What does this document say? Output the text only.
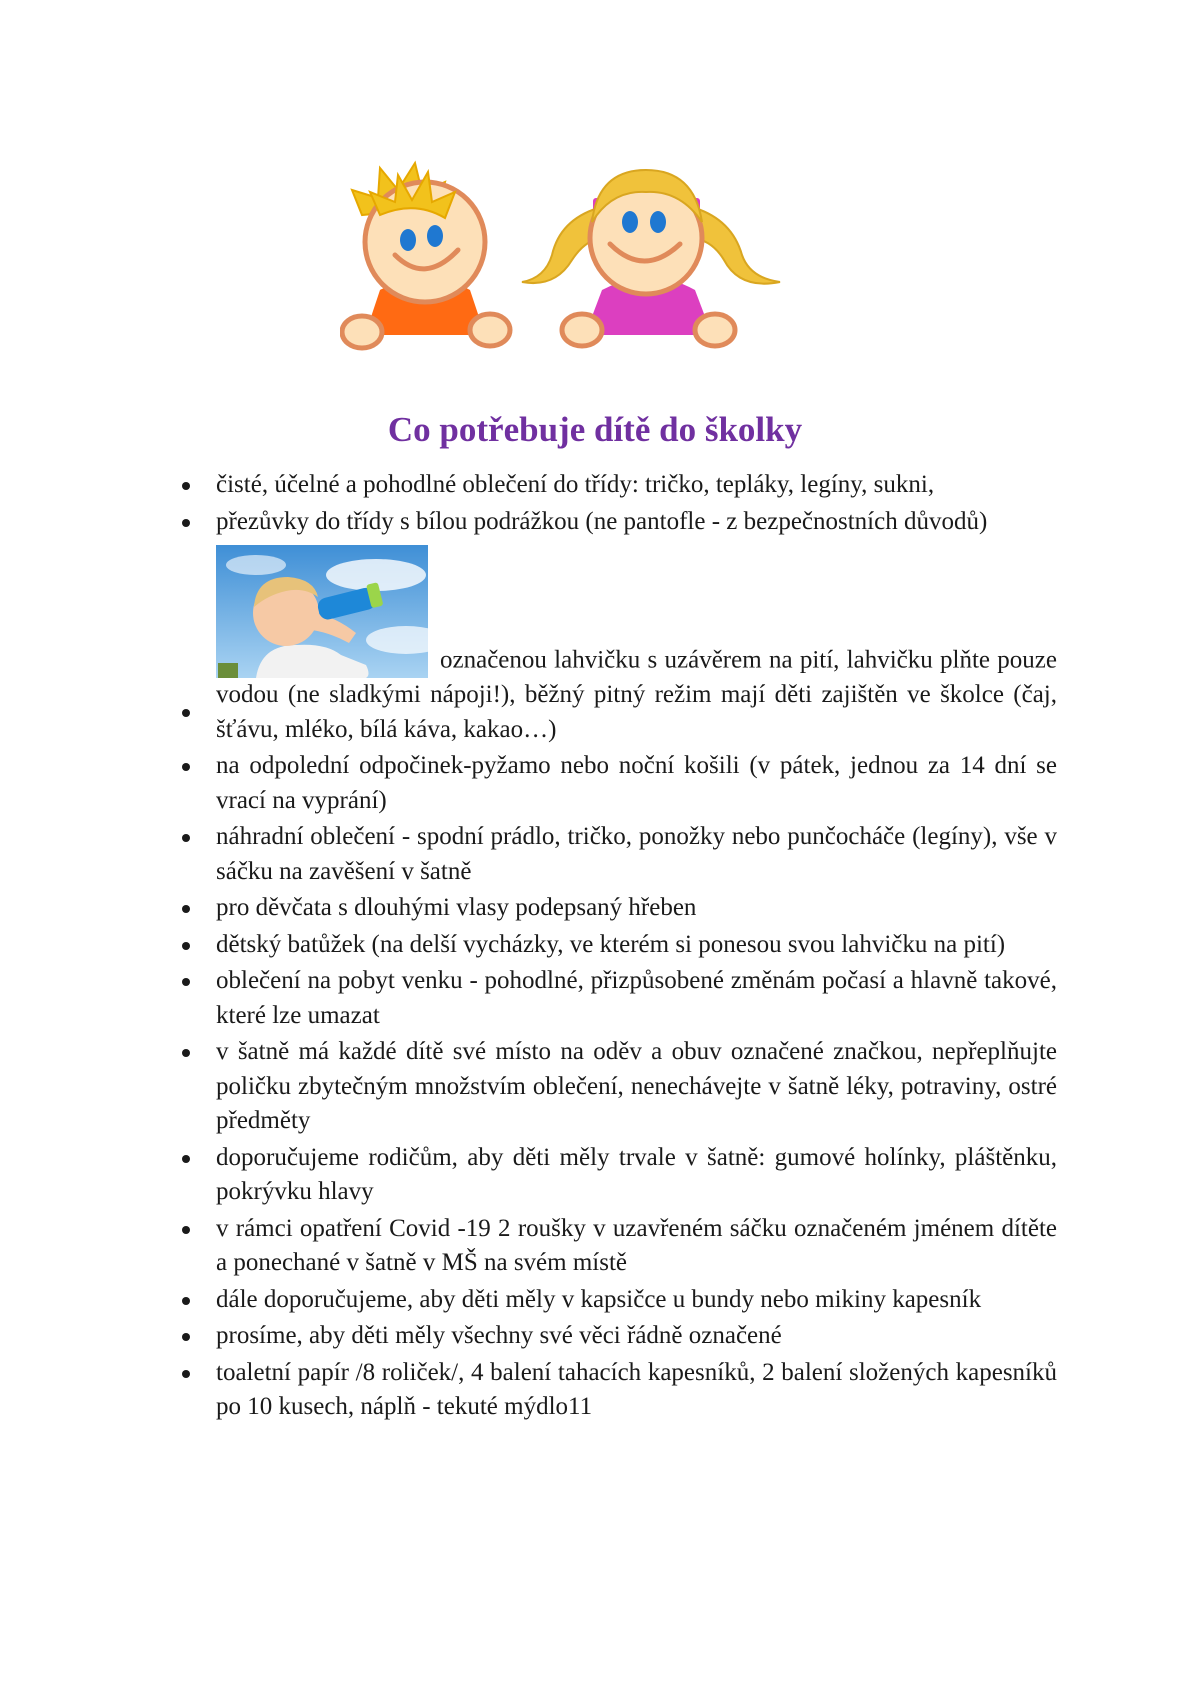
Co potřebuje dítě do školky
čisté, účelné a pohodlné oblečení do třídy: tričko, tepláky, legíny, sukni,
přezůvky do třídy s bílou podrážkou (ne pantofle - z bezpečnostních důvodů)
označenou lahvičku s uzávěrem na pití, lahvičku plňte pouze vodou (ne sladkými nápoji!), běžný pitný režim mají děti zajištěn ve školce (čaj, šťávu, mléko, bílá káva, kakao…)
na odpolední odpočinek-pyžamo nebo noční košili (v pátek, jednou za 14 dní se vrací na vyprání)
náhradní oblečení - spodní prádlo, tričko, ponožky nebo punčocháče (legíny), vše v sáčku na zavěšení v šatně
pro děvčata s dlouhými vlasy podepsaný hřeben
dětský batůžek (na delší vycházky, ve kterém si ponesou svou lahvičku na pití)
oblečení na pobyt venku - pohodlné, přizpůsobené změnám počasí a hlavně takové, které lze umazat
v šatně má každé dítě své místo na oděv a obuv označené značkou, nepřeplňujte poličku zbytečným množstvím oblečení, nenechávejte v šatně léky, potraviny, ostré předměty
doporučujeme rodičům, aby děti měly trvale v šatně: gumové holínky, pláštěnku, pokrývku hlavy
v rámci opatření Covid -19 2 roušky v uzavřeném sáčku označeném jménem dítěte a ponechané v šatně v MŠ na svém místě
dále doporučujeme, aby děti měly v kapsičce u bundy nebo mikiny kapesník
prosíme, aby děti měly všechny své věci řádně označené
toaletní papír /8 roliček/, 4 balení tahacích kapesníků, 2 balení složených kapesníků po 10 kusech, náplň - tekuté mýdlo11
